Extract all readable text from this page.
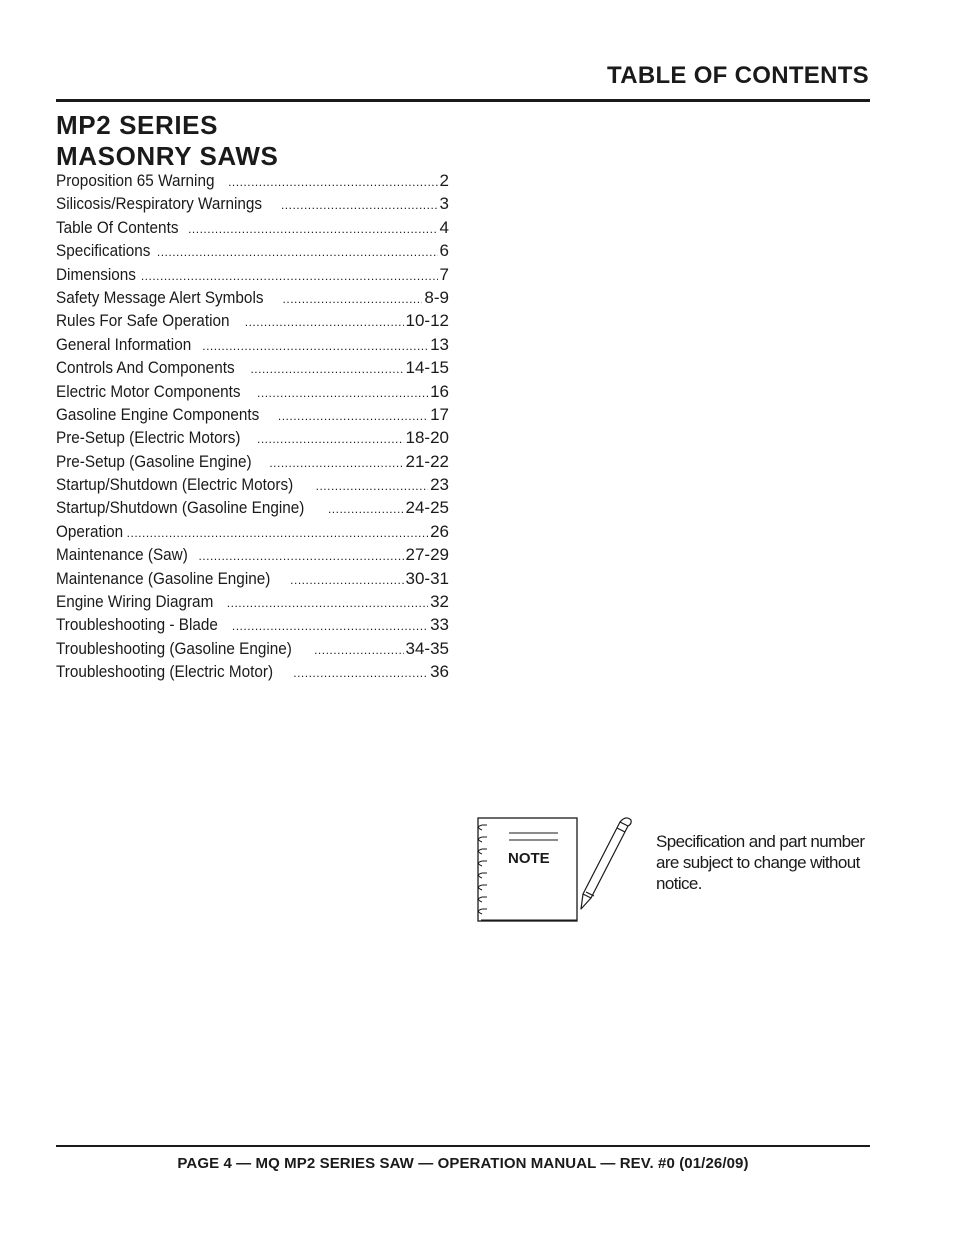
TABLE OF CONTENTS
MP2 SERIES
MASONRY SAWS
Proposition 65 Warning .....	2
Silicosis/Respiratory Warnings .....	3
Table Of Contents .....	4
Specifications .....	6
Dimensions .....	7
Safety Message Alert Symbols .....	8-9
Rules For Safe Operation .....	10-12
General Information .....	13
Controls And Components .....	14-15
Electric Motor Components .....	16
Gasoline Engine Components .....	17
Pre-Setup (Electric Motors) .....	18-20
Pre-Setup (Gasoline Engine) .....	21-22
Startup/Shutdown (Electric Motors) .....	23
Startup/Shutdown (Gasoline Engine) .....	24-25
Operation .....	26
Maintenance (Saw) .....	27-29
Maintenance (Gasoline Engine) .....	30-31
Engine Wiring Diagram .....	32
Troubleshooting - Blade .....	33
Troubleshooting (Gasoline Engine) .....	34-35
Troubleshooting (Electric Motor) .....	36
NOTE
Specification and part number are subject to change without notice.
PAGE 4 — MQ MP2 SERIES SAW — OPERATION MANUAL — REV. #0 (01/26/09)
